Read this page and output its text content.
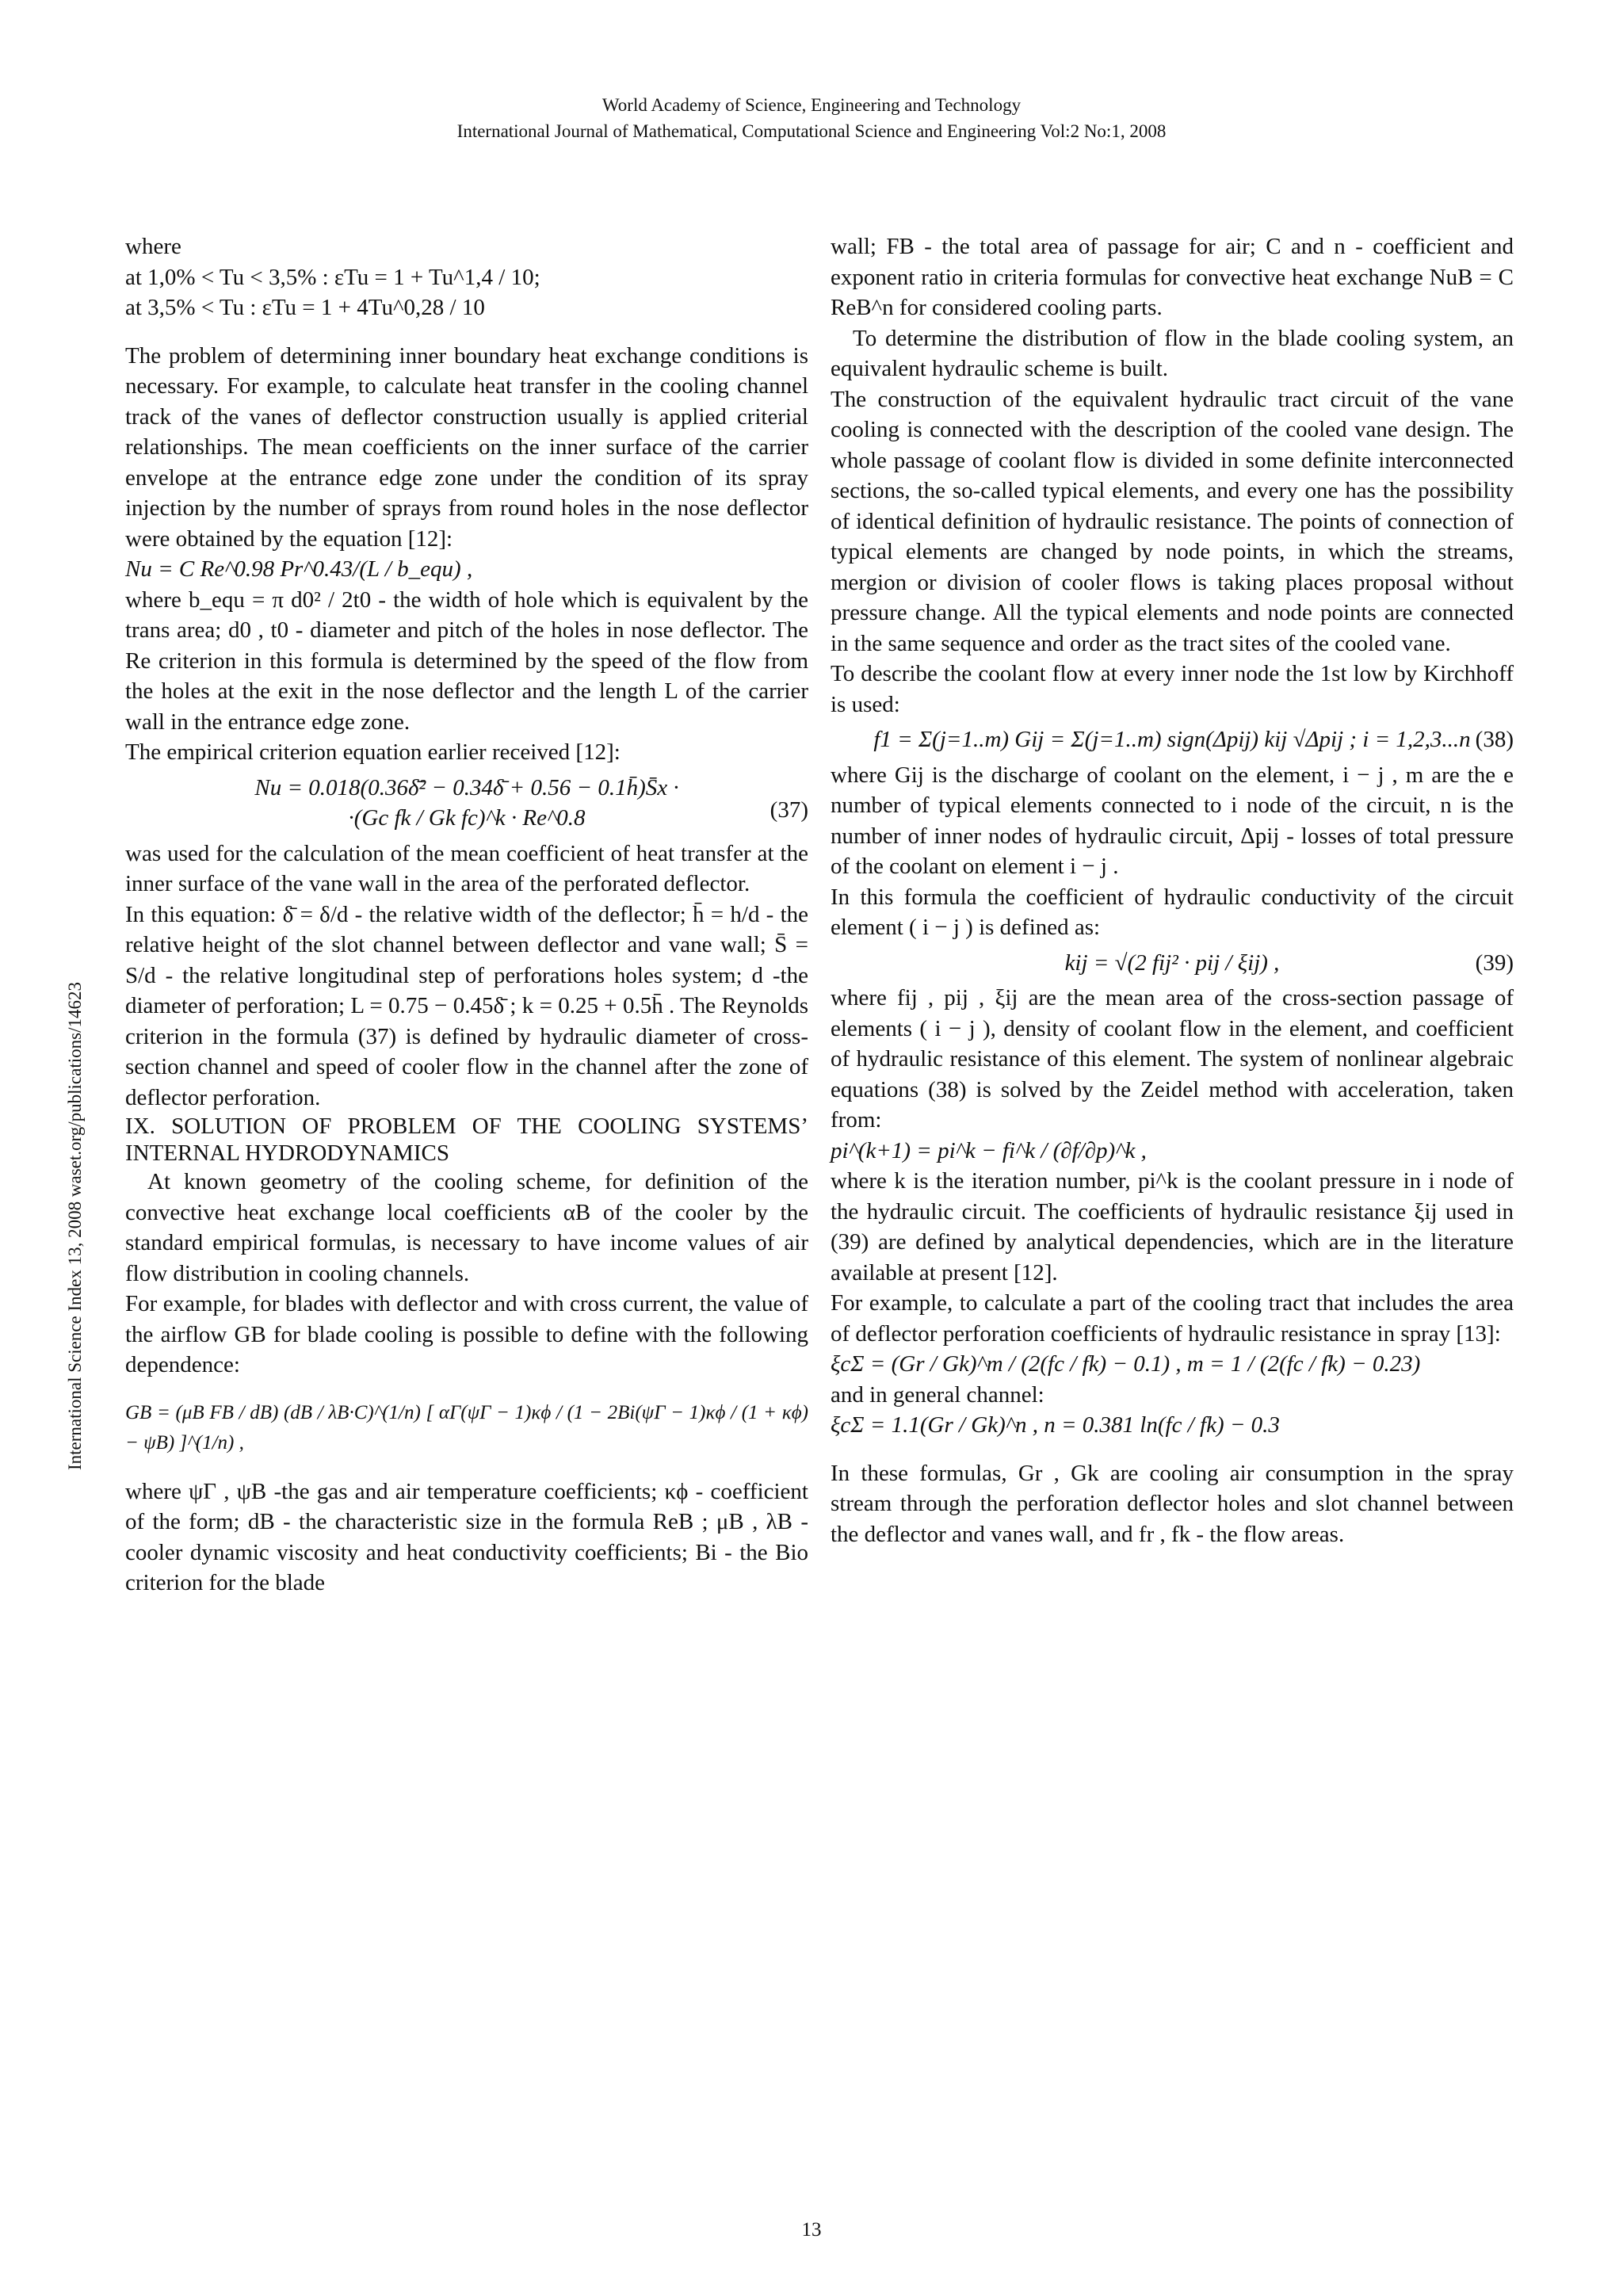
World Academy of Science, Engineering and Technology
International Journal of Mathematical, Computational Science and Engineering Vol:2 No:1, 2008
International Science Index 13, 2008 waset.org/publications/14623

where

at 1,0% < Tu < 3,5% : εTu = 1 + Tu^1,4 / 10;

at 3,5% < Tu : εTu = 1 + 4Tu^0,28 / 10

The problem of determining inner boundary heat exchange conditions is necessary. For example, to calculate heat transfer in the cooling channel track of the vanes of deflector construction usually is applied criterial relationships. The mean coefficients on the inner surface of the carrier envelope at the entrance edge zone under the condition of its spray injection by the number of sprays from round holes in the nose deflector were obtained by the equation [12]:

Nu = C Re^0.98 Pr^0.43/(L / b_equ) ,

where b_equ = π d0² / 2t0 - the width of hole which is equivalent by the trans area; d0 , t0 - diameter and pitch of the holes in nose deflector. The Re criterion in this formula is determined by the speed of the flow from the holes at the exit in the nose deflector and the length L of the carrier wall in the entrance edge zone.

The empirical criterion equation earlier received [12]:

Nu = 0.018(0.36δ̄² − 0.34δ̄ + 0.56 − 0.1h̄)S̄x ·
·(Gc fk / Gk fc)^k · Re^0.8	(37)

was used for the calculation of the mean coefficient of heat transfer at the inner surface of the vane wall in the area of the perforated deflector.

In this equation: δ̄ = δ/d - the relative width of the deflector; h̄ = h/d - the relative height of the slot channel between deflector and vane wall; S̄ = S/d - the relative longitudinal step of perforations holes system; d -the diameter of perforation; L = 0.75 − 0.45δ̄ ; k = 0.25 + 0.5h̄ . The Reynolds criterion in the formula (37) is defined by hydraulic diameter of cross-section channel and speed of cooler flow in the channel after the zone of deflector perforation.

IX. SOLUTION OF PROBLEM OF THE COOLING SYSTEMS’ INTERNAL HYDRODYNAMICS

At known geometry of the cooling scheme, for definition of the convective heat exchange local coefficients αB of the cooler by the standard empirical formulas, is necessary to have income values of air flow distribution in cooling channels.

For example, for blades with deflector and with cross current, the value of the airflow GB for blade cooling is possible to define with the following dependence:

GB = (μB FB / dB) (dB / λB·C)^(1/n) [ αΓ(ψΓ − 1)κϕ / (1 − 2Bi(ψΓ − 1)κϕ / (1 + κϕ) − ψB) ]^(1/n) ,

where ψΓ , ψB -the gas and air temperature coefficients; κϕ - coefficient of the form; dB - the characteristic size in the formula ReB ; μB , λB -cooler dynamic viscosity and heat conductivity coefficients; Bi - the Bio criterion for the blade

wall; FB - the total area of passage for air; C and n - coefficient and exponent ratio in criteria formulas for convective heat exchange NuB = C ReB^n for considered cooling parts.

To determine the distribution of flow in the blade cooling system, an equivalent hydraulic scheme is built.

The construction of the equivalent hydraulic tract circuit of the vane cooling is connected with the description of the cooled vane design. The whole passage of coolant flow is divided in some definite interconnected sections, the so-called typical elements, and every one has the possibility of identical definition of hydraulic resistance. The points of connection of typical elements are changed by node points, in which the streams, mergion or division of cooler flows is taking places proposal without pressure change. All the typical elements and node points are connected in the same sequence and order as the tract sites of the cooled vane.

To describe the coolant flow at every inner node the 1st low by Kirchhoff is used:

f1 = Σ(j=1..m) Gij = Σ(j=1..m) sign(Δpij) kij √Δpij ; i = 1,2,3...n (38)

where Gij is the discharge of coolant on the element, i − j , m are the e number of typical elements connected to i node of the circuit, n is the number of inner nodes of hydraulic circuit, Δpij - losses of total pressure of the coolant on element i − j .

In this formula the coefficient of hydraulic conductivity of the circuit element ( i − j ) is defined as:

kij = √(2 fij² · pij / ξij) ,	(39)

where fij , pij , ξij are the mean area of the cross-section passage of elements ( i − j ), density of coolant flow in the element, and coefficient of hydraulic resistance of this element. The system of nonlinear algebraic equations (38) is solved by the Zeidel method with acceleration, taken from:

pi^(k+1) = pi^k − fi^k / (∂f/∂p)^k ,

where k is the iteration number, pi^k is the coolant pressure in i node of the hydraulic circuit. The coefficients of hydraulic resistance ξij used in (39) are defined by analytical dependencies, which are in the literature available at present [12].

For example, to calculate a part of the cooling tract that includes the area of deflector perforation coefficients of hydraulic resistance in spray [13]:

ξcΣ = (Gr / Gk)^m / (2(fc / fk) − 0.1) , m = 1 / (2(fc / fk) − 0.23)

and in general channel:

ξcΣ = 1.1(Gr / Gk)^n , n = 0.381 ln(fc / fk) − 0.3

In these formulas, Gr , Gk are cooling air consumption in the spray stream through the perforation deflector holes and slot channel between the deflector and vanes wall, and fr , fk - the flow areas.

13
